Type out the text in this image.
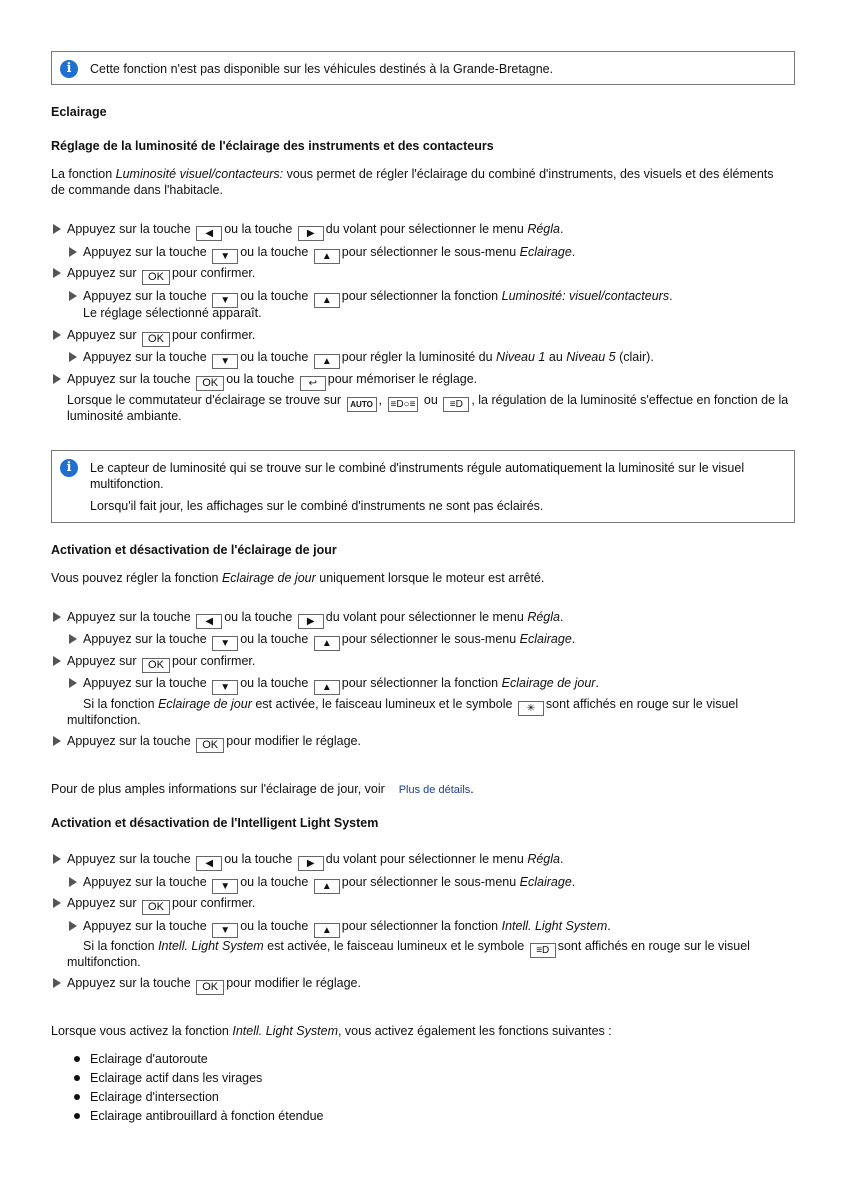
i	Cette fonction n'est pas disponible sur les véhicules destinés à la Grande-Bretagne.
Eclairage
Réglage de la luminosité de l'éclairage des instruments et des contacteurs
La fonction Luminosité visuel/contacteurs: vous permet de régler l'éclairage du combiné d'instruments, des visuels et des éléments
de commande dans l'habitacle.
Appuyez sur la touche ◀ ou la touche ▶ du volant pour sélectionner le menu Régla.
Appuyez sur la touche ▼ ou la touche ▲ pour sélectionner le sous-menu Eclairage.
Appuyez sur OK pour confirmer.
Appuyez sur la touche ▼ ou la touche ▲ pour sélectionner la fonction Luminosité: visuel/contacteurs.
Le réglage sélectionné apparaît.
Appuyez sur OK pour confirmer.
Appuyez sur la touche ▼ ou la touche ▲ pour régler la luminosité du Niveau 1 au Niveau 5 (clair).
Appuyez sur la touche OK ou la touche ↩ pour mémoriser le réglage.
Lorsque le commutateur d'éclairage se trouve sur AUTO , ≡D○≡ ou ≡D , la régulation de la luminosité s'effectue en fonction de la
luminosité ambiante.
i	Le capteur de luminosité qui se trouve sur le combiné d'instruments régule automatiquement la luminosité sur le visuel
multifonction.
Lorsqu'il fait jour, les affichages sur le combiné d'instruments ne sont pas éclairés.
Activation et désactivation de l'éclairage de jour
Vous pouvez régler la fonction Eclairage de jour uniquement lorsque le moteur est arrêté.
Appuyez sur la touche ◀ ou la touche ▶ du volant pour sélectionner le menu Régla.
Appuyez sur la touche ▼ ou la touche ▲ pour sélectionner le sous-menu Eclairage.
Appuyez sur OK pour confirmer.
Appuyez sur la touche ▼ ou la touche ▲ pour sélectionner la fonction Eclairage de jour.
Si la fonction Eclairage de jour est activée, le faisceau lumineux et le symbole ✳ sont affichés en rouge sur le visuel
multifonction.
Appuyez sur la touche OK pour modifier le réglage.
Pour de plus amples informations sur l'éclairage de jour, voir Plus de détails.
Activation et désactivation de l'Intelligent Light System
Appuyez sur la touche ◀ ou la touche ▶ du volant pour sélectionner le menu Régla.
Appuyez sur la touche ▼ ou la touche ▲ pour sélectionner le sous-menu Eclairage.
Appuyez sur OK pour confirmer.
Appuyez sur la touche ▼ ou la touche ▲ pour sélectionner la fonction Intell. Light System.
Si la fonction Intell. Light System est activée, le faisceau lumineux et le symbole ≡D sont affichés en rouge sur le visuel
multifonction.
Appuyez sur la touche OK pour modifier le réglage.
Lorsque vous activez la fonction Intell. Light System, vous activez également les fonctions suivantes :
Eclairage d'autoroute
Eclairage actif dans les virages
Eclairage d'intersection
Eclairage antibrouillard à fonction étendue
